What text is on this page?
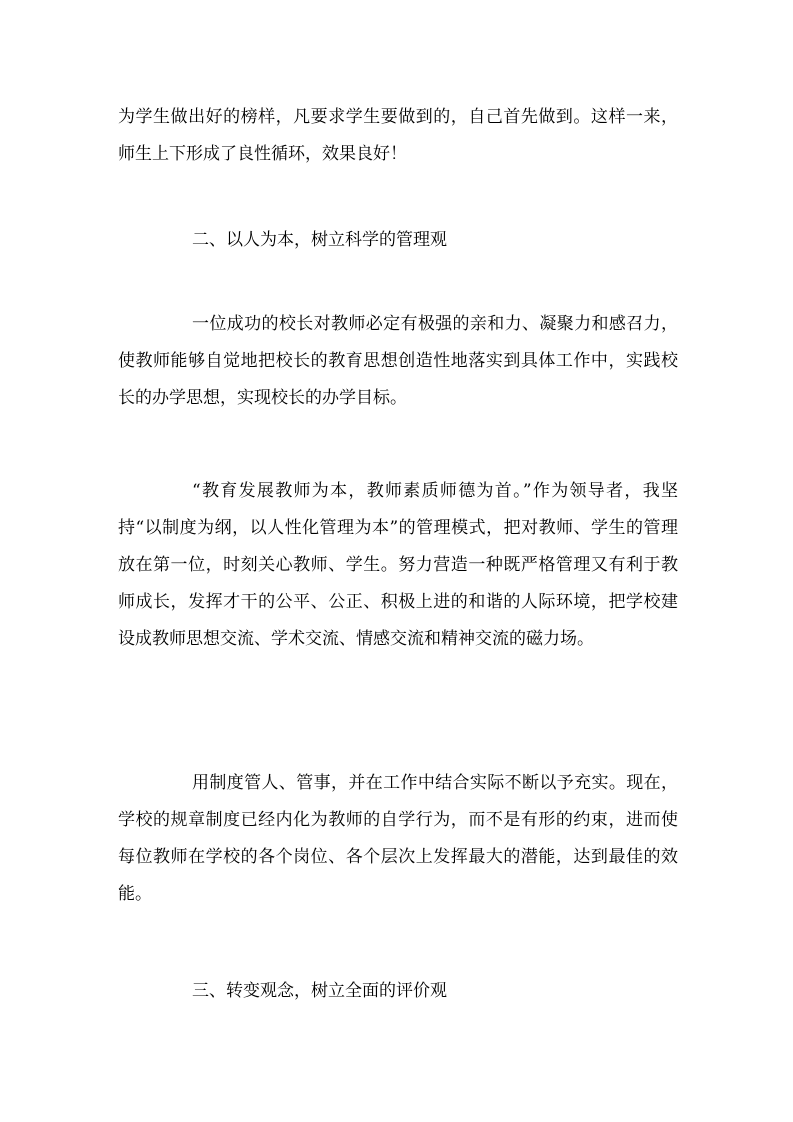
为学生做出好的榜样，凡要求学生要做到的，自己首先做到。这样一来，师生上下形成了良性循环，效果良好！

二、以人为本，树立科学的管理观

一位成功的校长对教师必定有极强的亲和力、凝聚力和感召力，使教师能够自觉地把校长的教育思想创造性地落实到具体工作中，实践校长的办学思想，实现校长的办学目标。

“教育发展教师为本，教师素质师德为首。”作为领导者，我坚持“以制度为纲，以人性化管理为本”的管理模式，把对教师、学生的管理放在第一位，时刻关心教师、学生。努力营造一种既严格管理又有利于教师成长，发挥才干的公平、公正、积极上进的和谐的人际环境，把学校建设成教师思想交流、学术交流、情感交流和精神交流的磁力场。

用制度管人、管事，并在工作中结合实际不断以予充实。现在，学校的规章制度已经内化为教师的自学行为，而不是有形的约束，进而使每位教师在学校的各个岗位、各个层次上发挥最大的潜能，达到最佳的效能。

三、转变观念，树立全面的评价观
